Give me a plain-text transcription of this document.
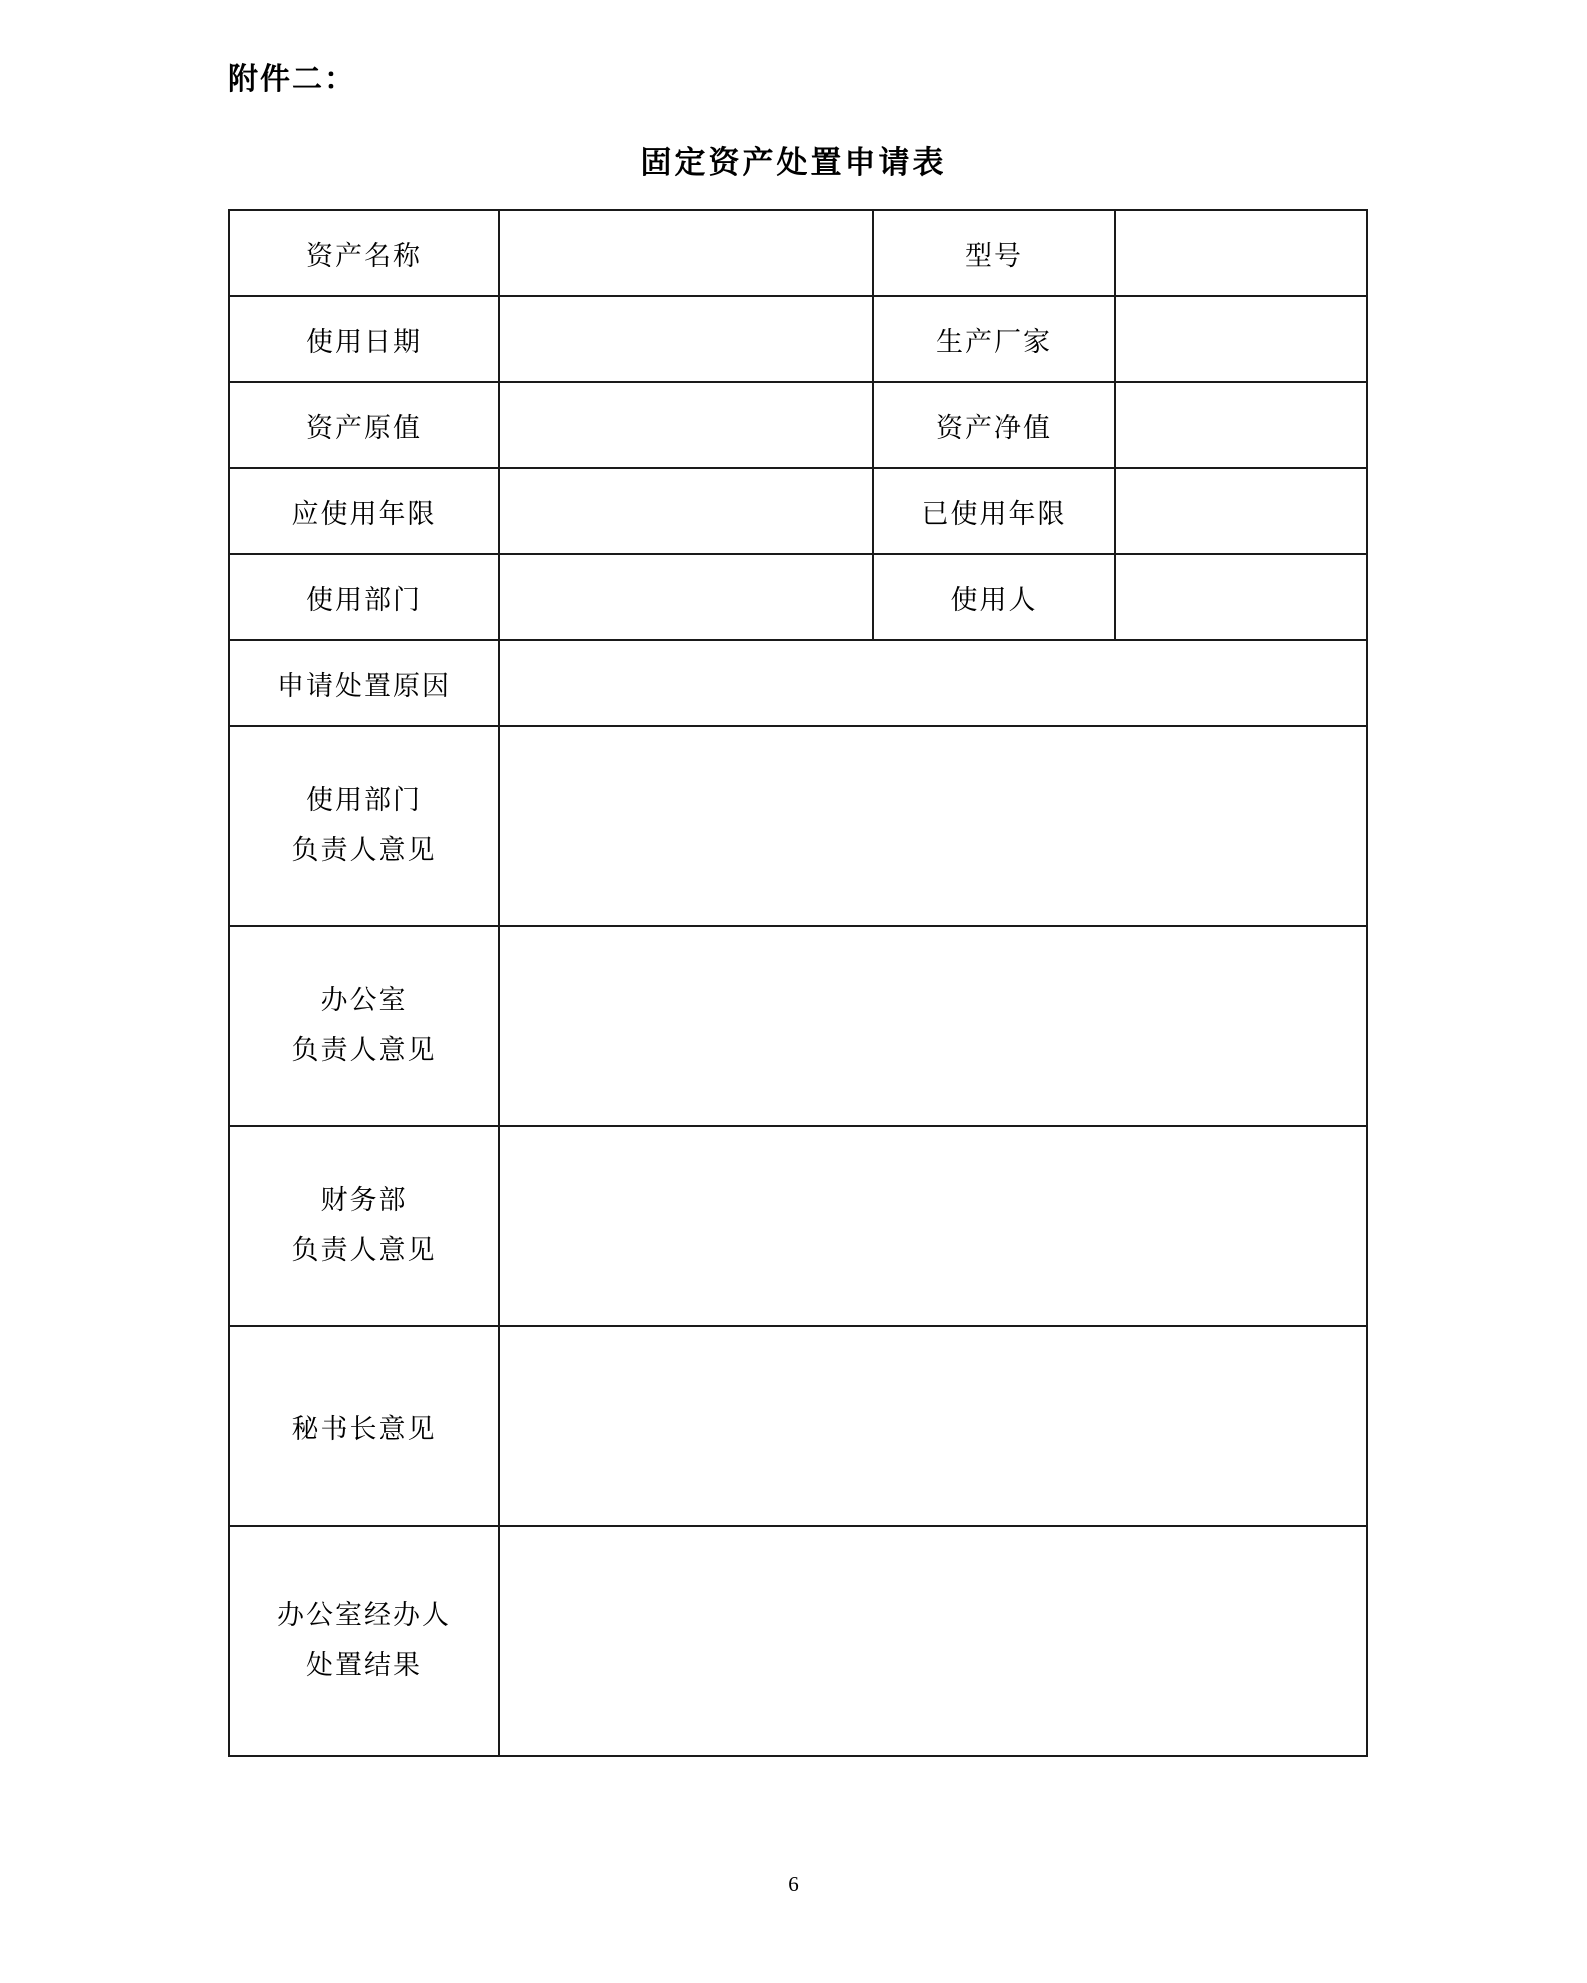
附件二：
固定资产处置申请表
资产名称		型号	
使用日期		生产厂家	
资产原值		资产净值	
应使用年限		已使用年限	
使用部门		使用人	
申请处置原因			

使用部门
负责人意见			

办公室
负责人意见			

财务部
负责人意见			

秘书长意见			

办公室经办人
处置结果			

6
